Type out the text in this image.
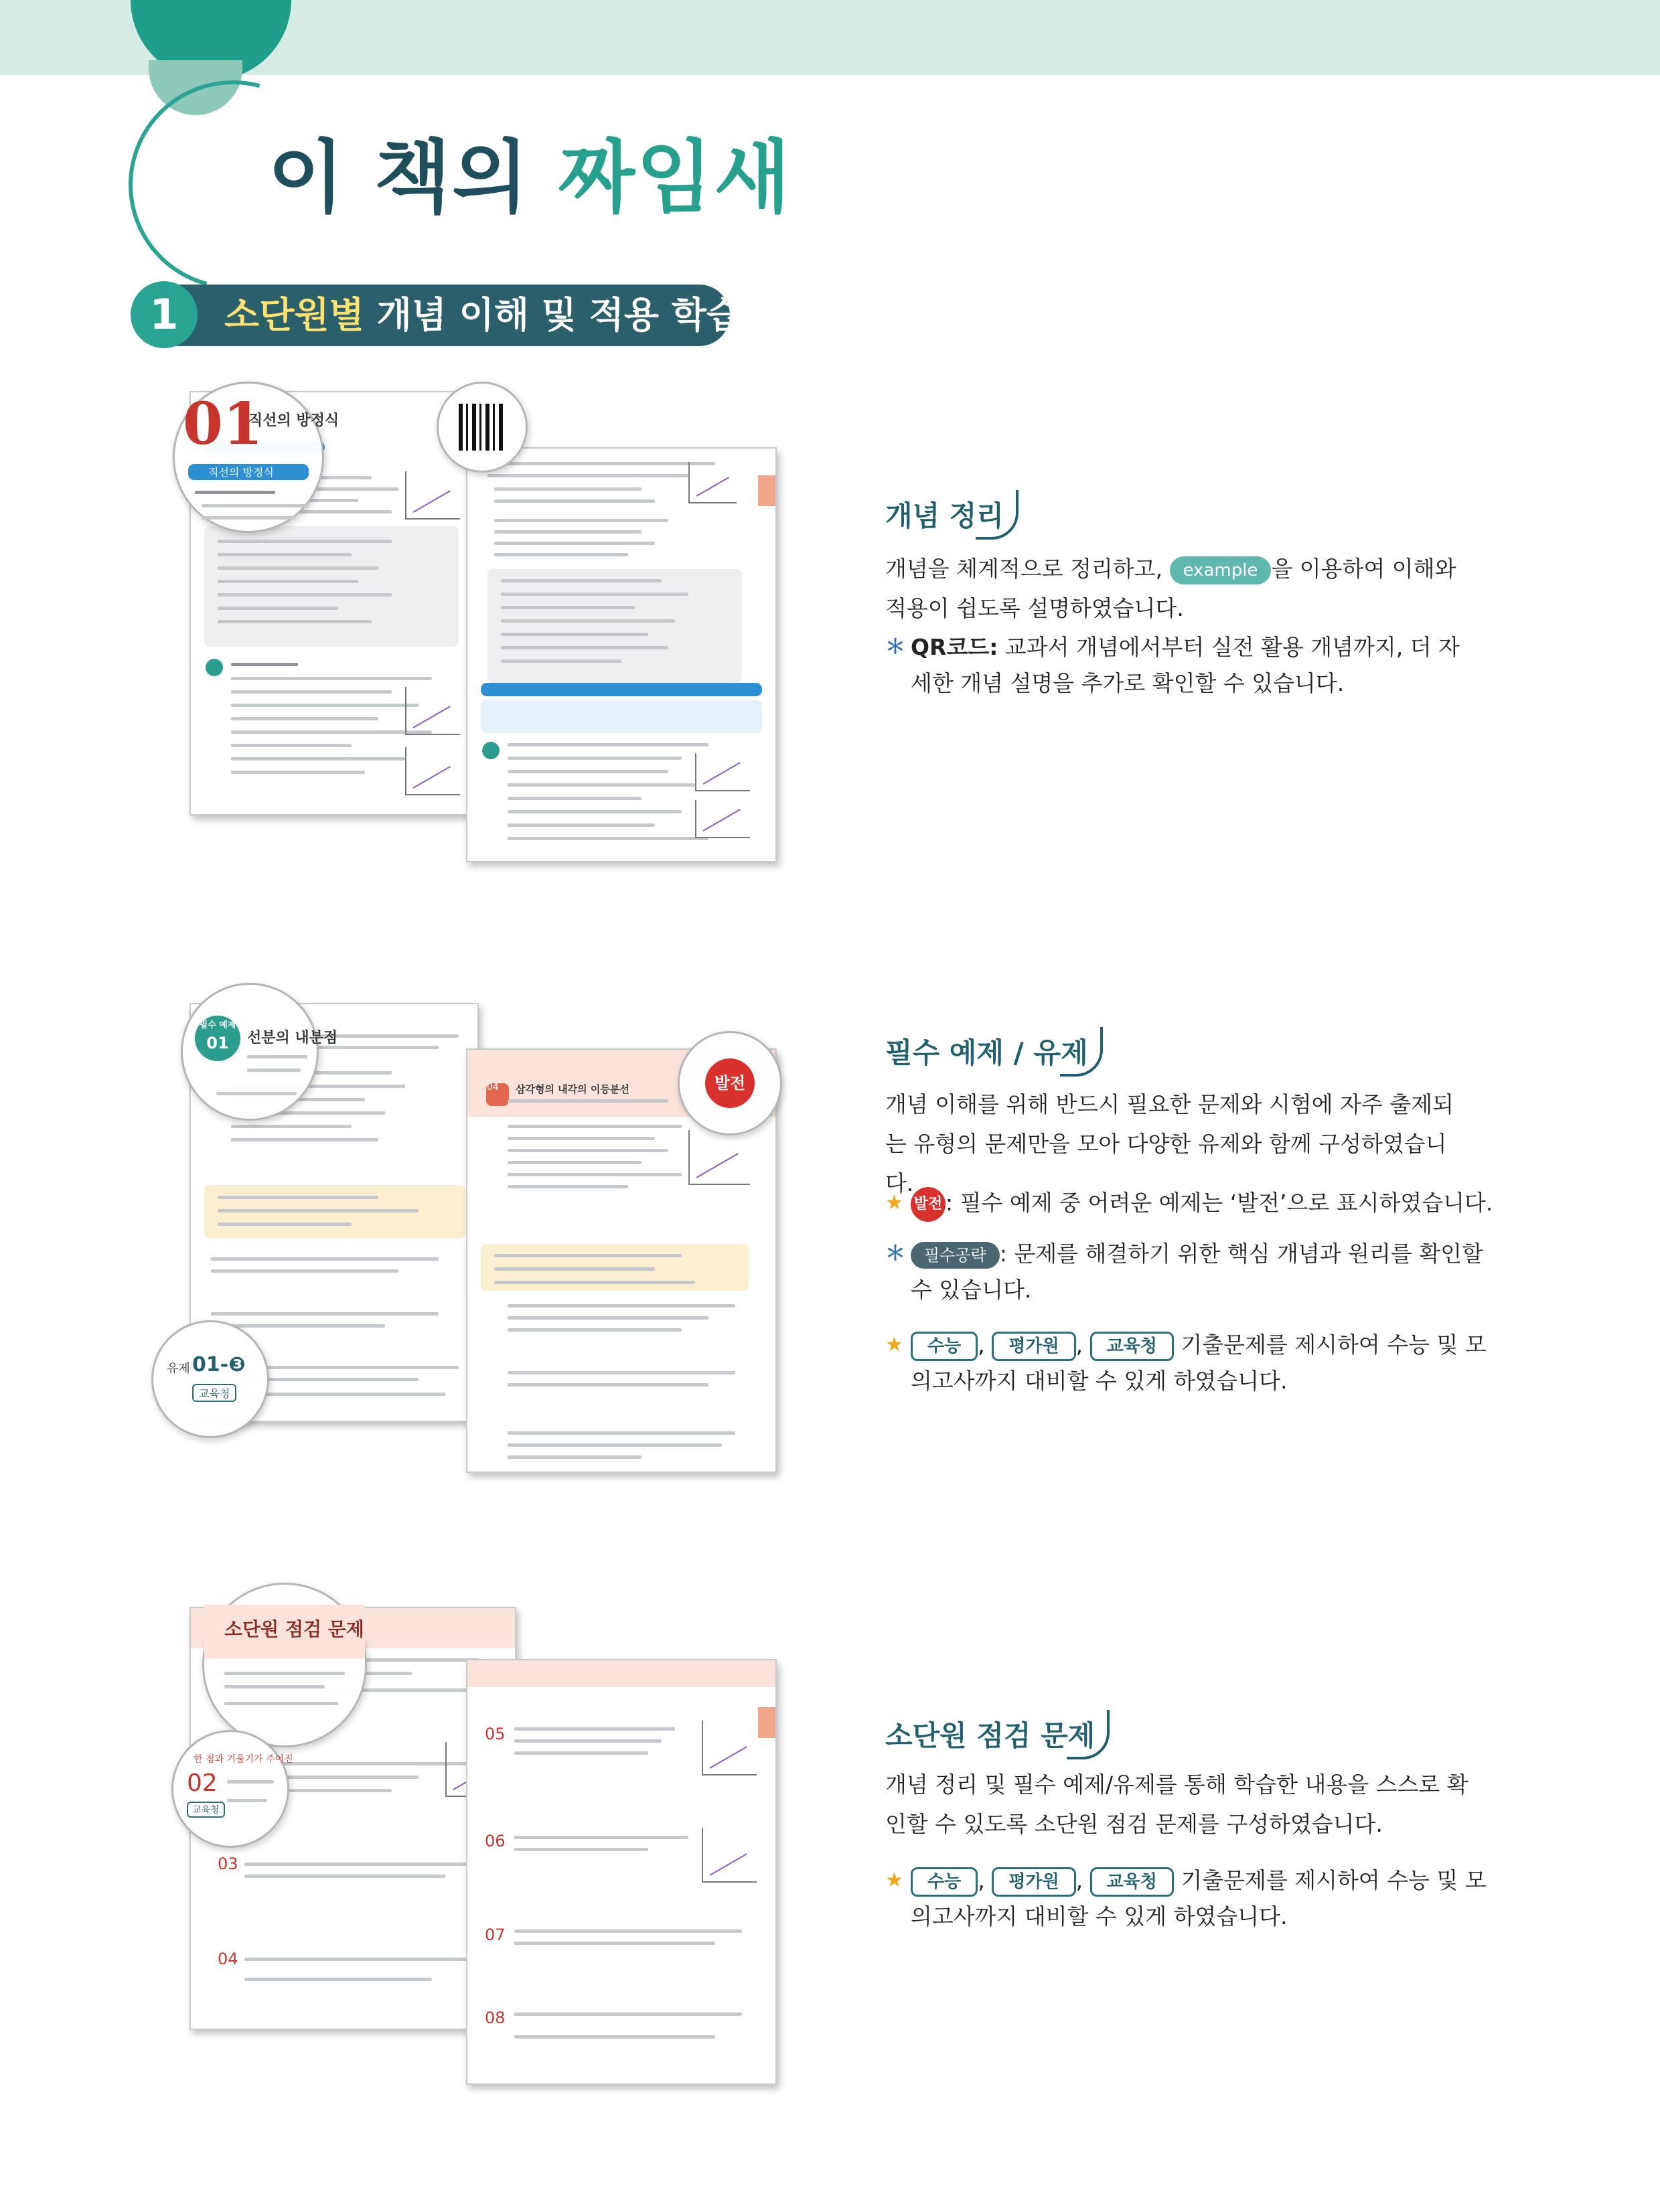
이 책의 짜임새
1	소단원별 개념 이해 및 적용 학습
01
직선의 방정식
직선의 방정식
04 삼각형의 내각의 이등분선
필수 예제
01	선분의 내분점
유제 01-❸
교육청
발전
03
04
05
06
07
08
소단원 점검 문제
한 점과 기울기가 주어진
02
교육청
개념 정리

개념을 체계적으로 정리하고, example 을 이용하여 이해와 적용이 쉽도록 설명하였습니다.

＊ QR코드: 교과서 개념에서부터 실전 활용 개념까지, 더 자세한 개념 설명을 추가로 확인할 수 있습니다.
필수 예제 / 유제
개념 이해를 위해 반드시 필요한 문제와 시험에 자주 출제되는 유형의 문제만을 모아 다양한 유제와 함께 구성하였습니다.
★ 발전 : 필수 예제 중 어려운 예제는 ‘발전’으로 표시하였습니다.
＊ 필수공략 : 문제를 해결하기 위한 핵심 개념과 원리를 확인할 수 있습니다.
★ 수능 , 평가원 , 교육청 기출문제를 제시하여 수능 및 모의고사까지 대비할 수 있게 하였습니다.
소단원 점검 문제
개념 정리 및 필수 예제/유제를 통해 학습한 내용을 스스로 확인할 수 있도록 소단원 점검 문제를 구성하였습니다.
★ 수능 , 평가원 , 교육청 기출문제를 제시하여 수능 및 모의고사까지 대비할 수 있게 하였습니다.
